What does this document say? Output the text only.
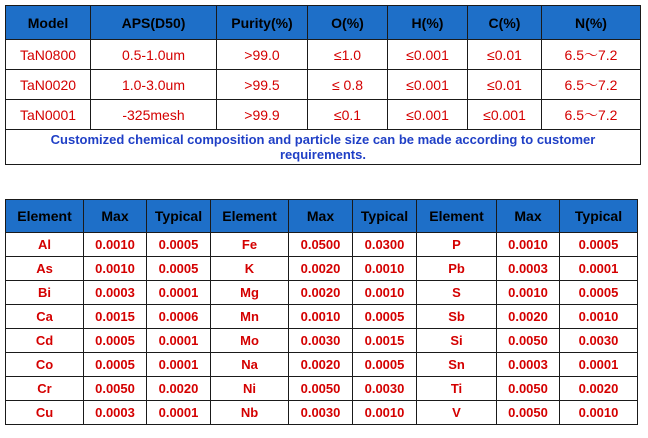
Model	APS(D50)	Purity(%)	O(%)	H(%)	C(%)	N(%)
TaN0800	0.5-1.0um	>99.0	≤1.0	≤0.001	≤0.01	6.5～7.2
TaN0020	1.0-3.0um	>99.5	≤ 0.8	≤0.001	≤0.01	6.5～7.2
TaN0001	-325mesh	>99.9	≤0.1	≤0.001	≤0.001	6.5～7.2
Customized chemical composition and particle size can be made according to customer requirements.						
Element	Max	Typical	Element	Max	Typical	Element	Max	Typical
Al	0.0010	0.0005	Fe	0.0500	0.0300	P	0.0010	0.0005
As	0.0010	0.0005	K	0.0020	0.0010	Pb	0.0003	0.0001
Bi	0.0003	0.0001	Mg	0.0020	0.0010	S	0.0010	0.0005
Ca	0.0015	0.0006	Mn	0.0010	0.0005	Sb	0.0020	0.0010
Cd	0.0005	0.0001	Mo	0.0030	0.0015	Si	0.0050	0.0030
Co	0.0005	0.0001	Na	0.0020	0.0005	Sn	0.0003	0.0001
Cr	0.0050	0.0020	Ni	0.0050	0.0030	Ti	0.0050	0.0020
Cu	0.0003	0.0001	Nb	0.0030	0.0010	V	0.0050	0.0010
